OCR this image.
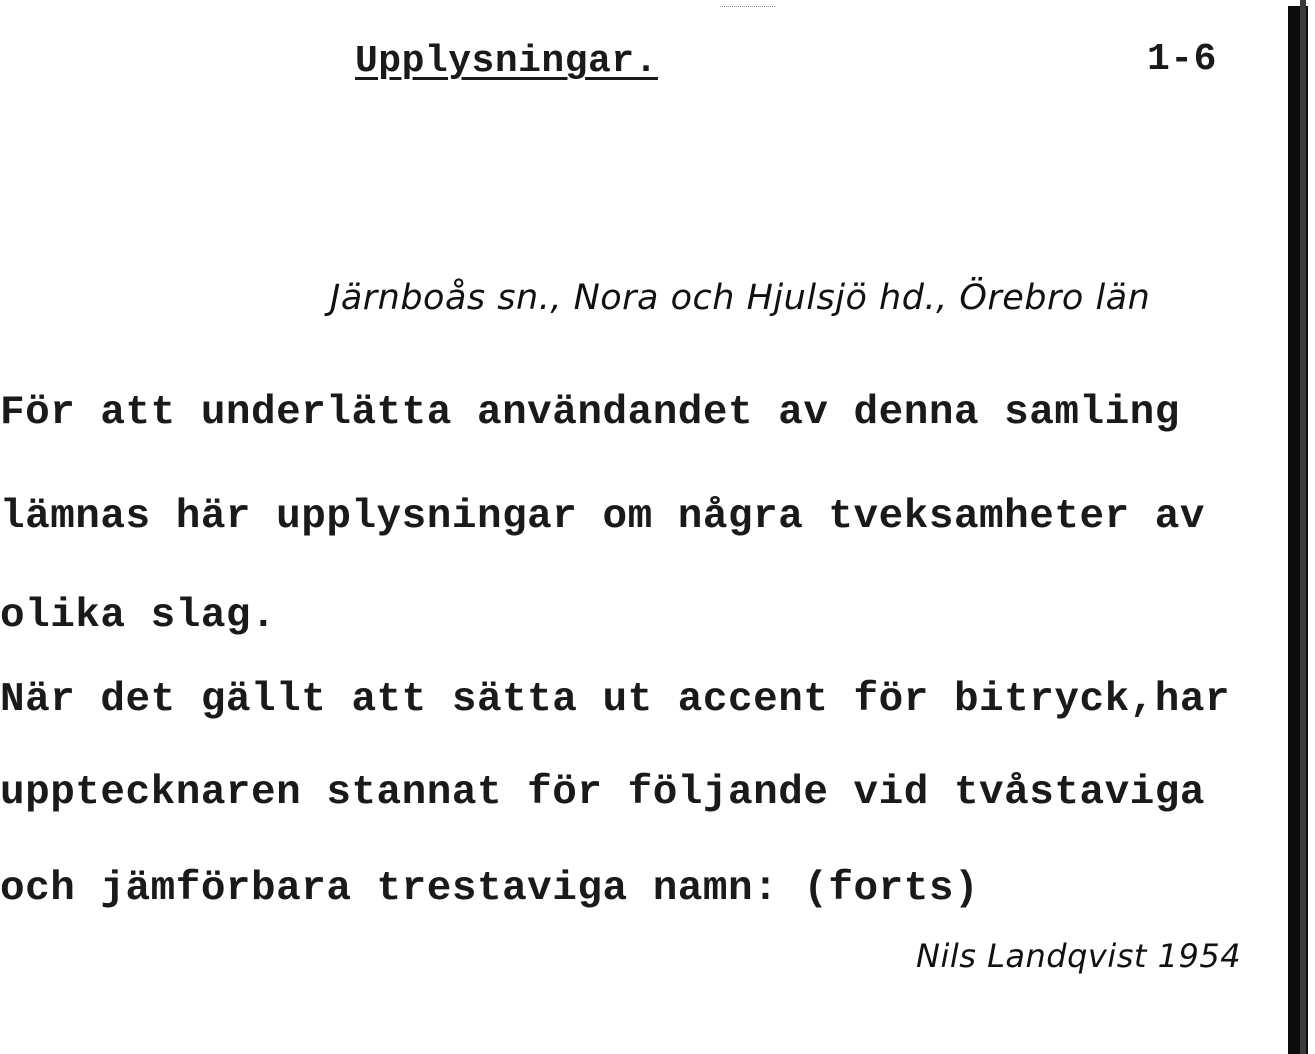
Upplysningar.	1-6
Järnboås sn., Nora och Hjulsjö hd., Örebro län
För att underlätta användandet av denna samling
lämnas här upplysningar om några tveksamheter av
olika slag.
När det gällt att sätta ut accent för bitryck,har
upptecknaren stannat för följande vid tvåstaviga
och jämförbara trestaviga namn: (forts)
Nils Landqvist 1954
